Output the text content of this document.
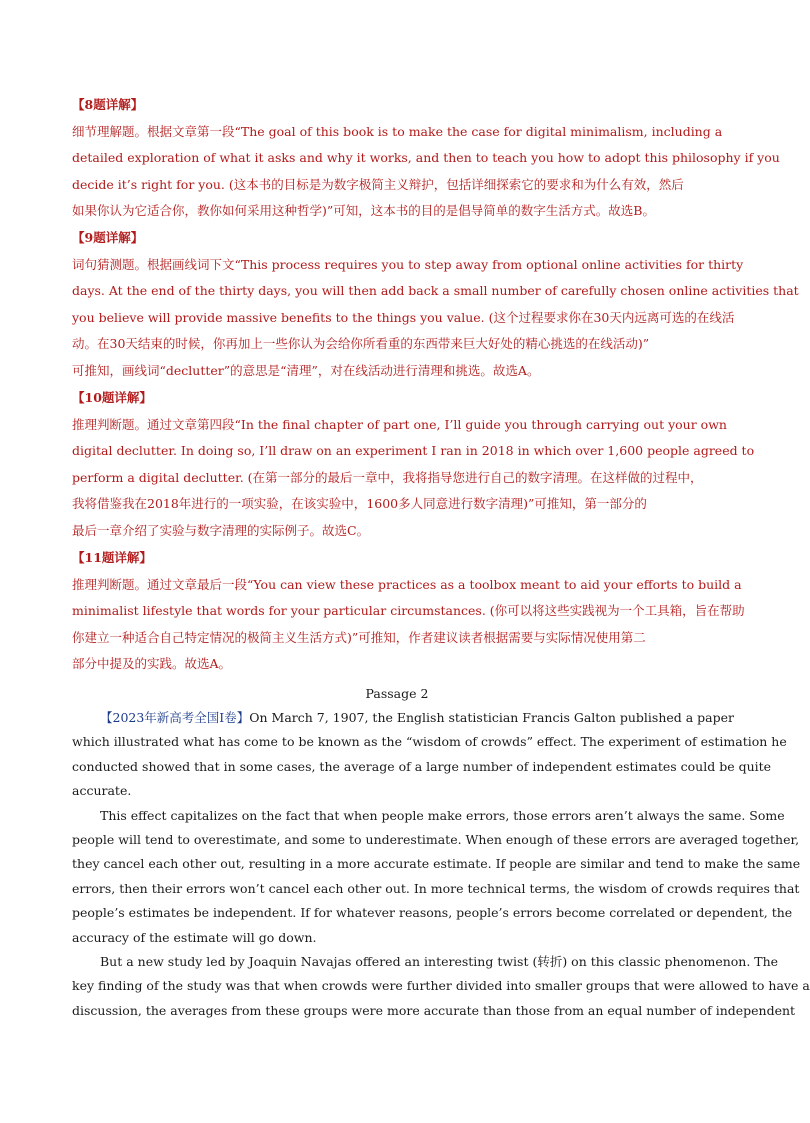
【8题详解】
细节理解题。根据文章第一段“The goal of this book is to make the case for digital minimalism, including a
detailed exploration of what it asks and why it works, and then to teach you how to adopt this philosophy if you
decide it’s right for you. (这本书的目标是为数字极简主义辩护，包括详细探索它的要求和为什么有效，然后
如果你认为它适合你，教你如何采用这种哲学)”可知，这本书的目的是倡导简单的数字生活方式。故选B。
【9题详解】
词句猜测题。根据画线词下文“This process requires you to step away from optional online activities for thirty
days. At the end of the thirty days, you will then add back a small number of carefully chosen online activities that
you believe will provide massive benefits to the things you value. (这个过程要求你在30天内远离可选的在线活
动。在30天结束的时候，你再加上一些你认为会给你所看重的东西带来巨大好处的精心挑选的在线活动)”
可推知，画线词“declutter”的意思是“清理”，对在线活动进行清理和挑选。故选A。
【10题详解】
推理判断题。通过文章第四段“In the final chapter of part one, I’ll guide you through carrying out your own
digital declutter. In doing so, I’ll draw on an experiment I ran in 2018 in which over 1,600 people agreed to
perform a digital declutter. (在第一部分的最后一章中，我将指导您进行自己的数字清理。在这样做的过程中，
我将借鉴我在2018年进行的一项实验，在该实验中，1600多人同意进行数字清理)”可推知，第一部分的
最后一章介绍了实验与数字清理的实际例子。故选C。
【11题详解】
推理判断题。通过文章最后一段“You can view these practices as a toolbox meant to aid your efforts to build a
minimalist lifestyle that words for your particular circumstances. (你可以将这些实践视为一个工具箱，旨在帮助
你建立一种适合自己特定情况的极简主义生活方式)”可推知，作者建议读者根据需要与实际情况使用第二
部分中提及的实践。故选A。
Passage 2
【2023年新高考全国Ⅰ卷】On March 7, 1907, the English statistician Francis Galton published a paper
which illustrated what has come to be known as the “wisdom of crowds” effect. The experiment of estimation he
conducted showed that in some cases, the average of a large number of independent estimates could be quite
accurate.
This effect capitalizes on the fact that when people make errors, those errors aren’t always the same. Some
people will tend to overestimate, and some to underestimate. When enough of these errors are averaged together,
they cancel each other out, resulting in a more accurate estimate. If people are similar and tend to make the same
errors, then their errors won’t cancel each other out. In more technical terms, the wisdom of crowds requires that
people’s estimates be independent. If for whatever reasons, people’s errors become correlated or dependent, the
accuracy of the estimate will go down.
But a new study led by Joaquin Navajas offered an interesting twist (转折) on this classic phenomenon. The
key finding of the study was that when crowds were further divided into smaller groups that were allowed to have a
discussion, the averages from these groups were more accurate than those from an equal number of independent
